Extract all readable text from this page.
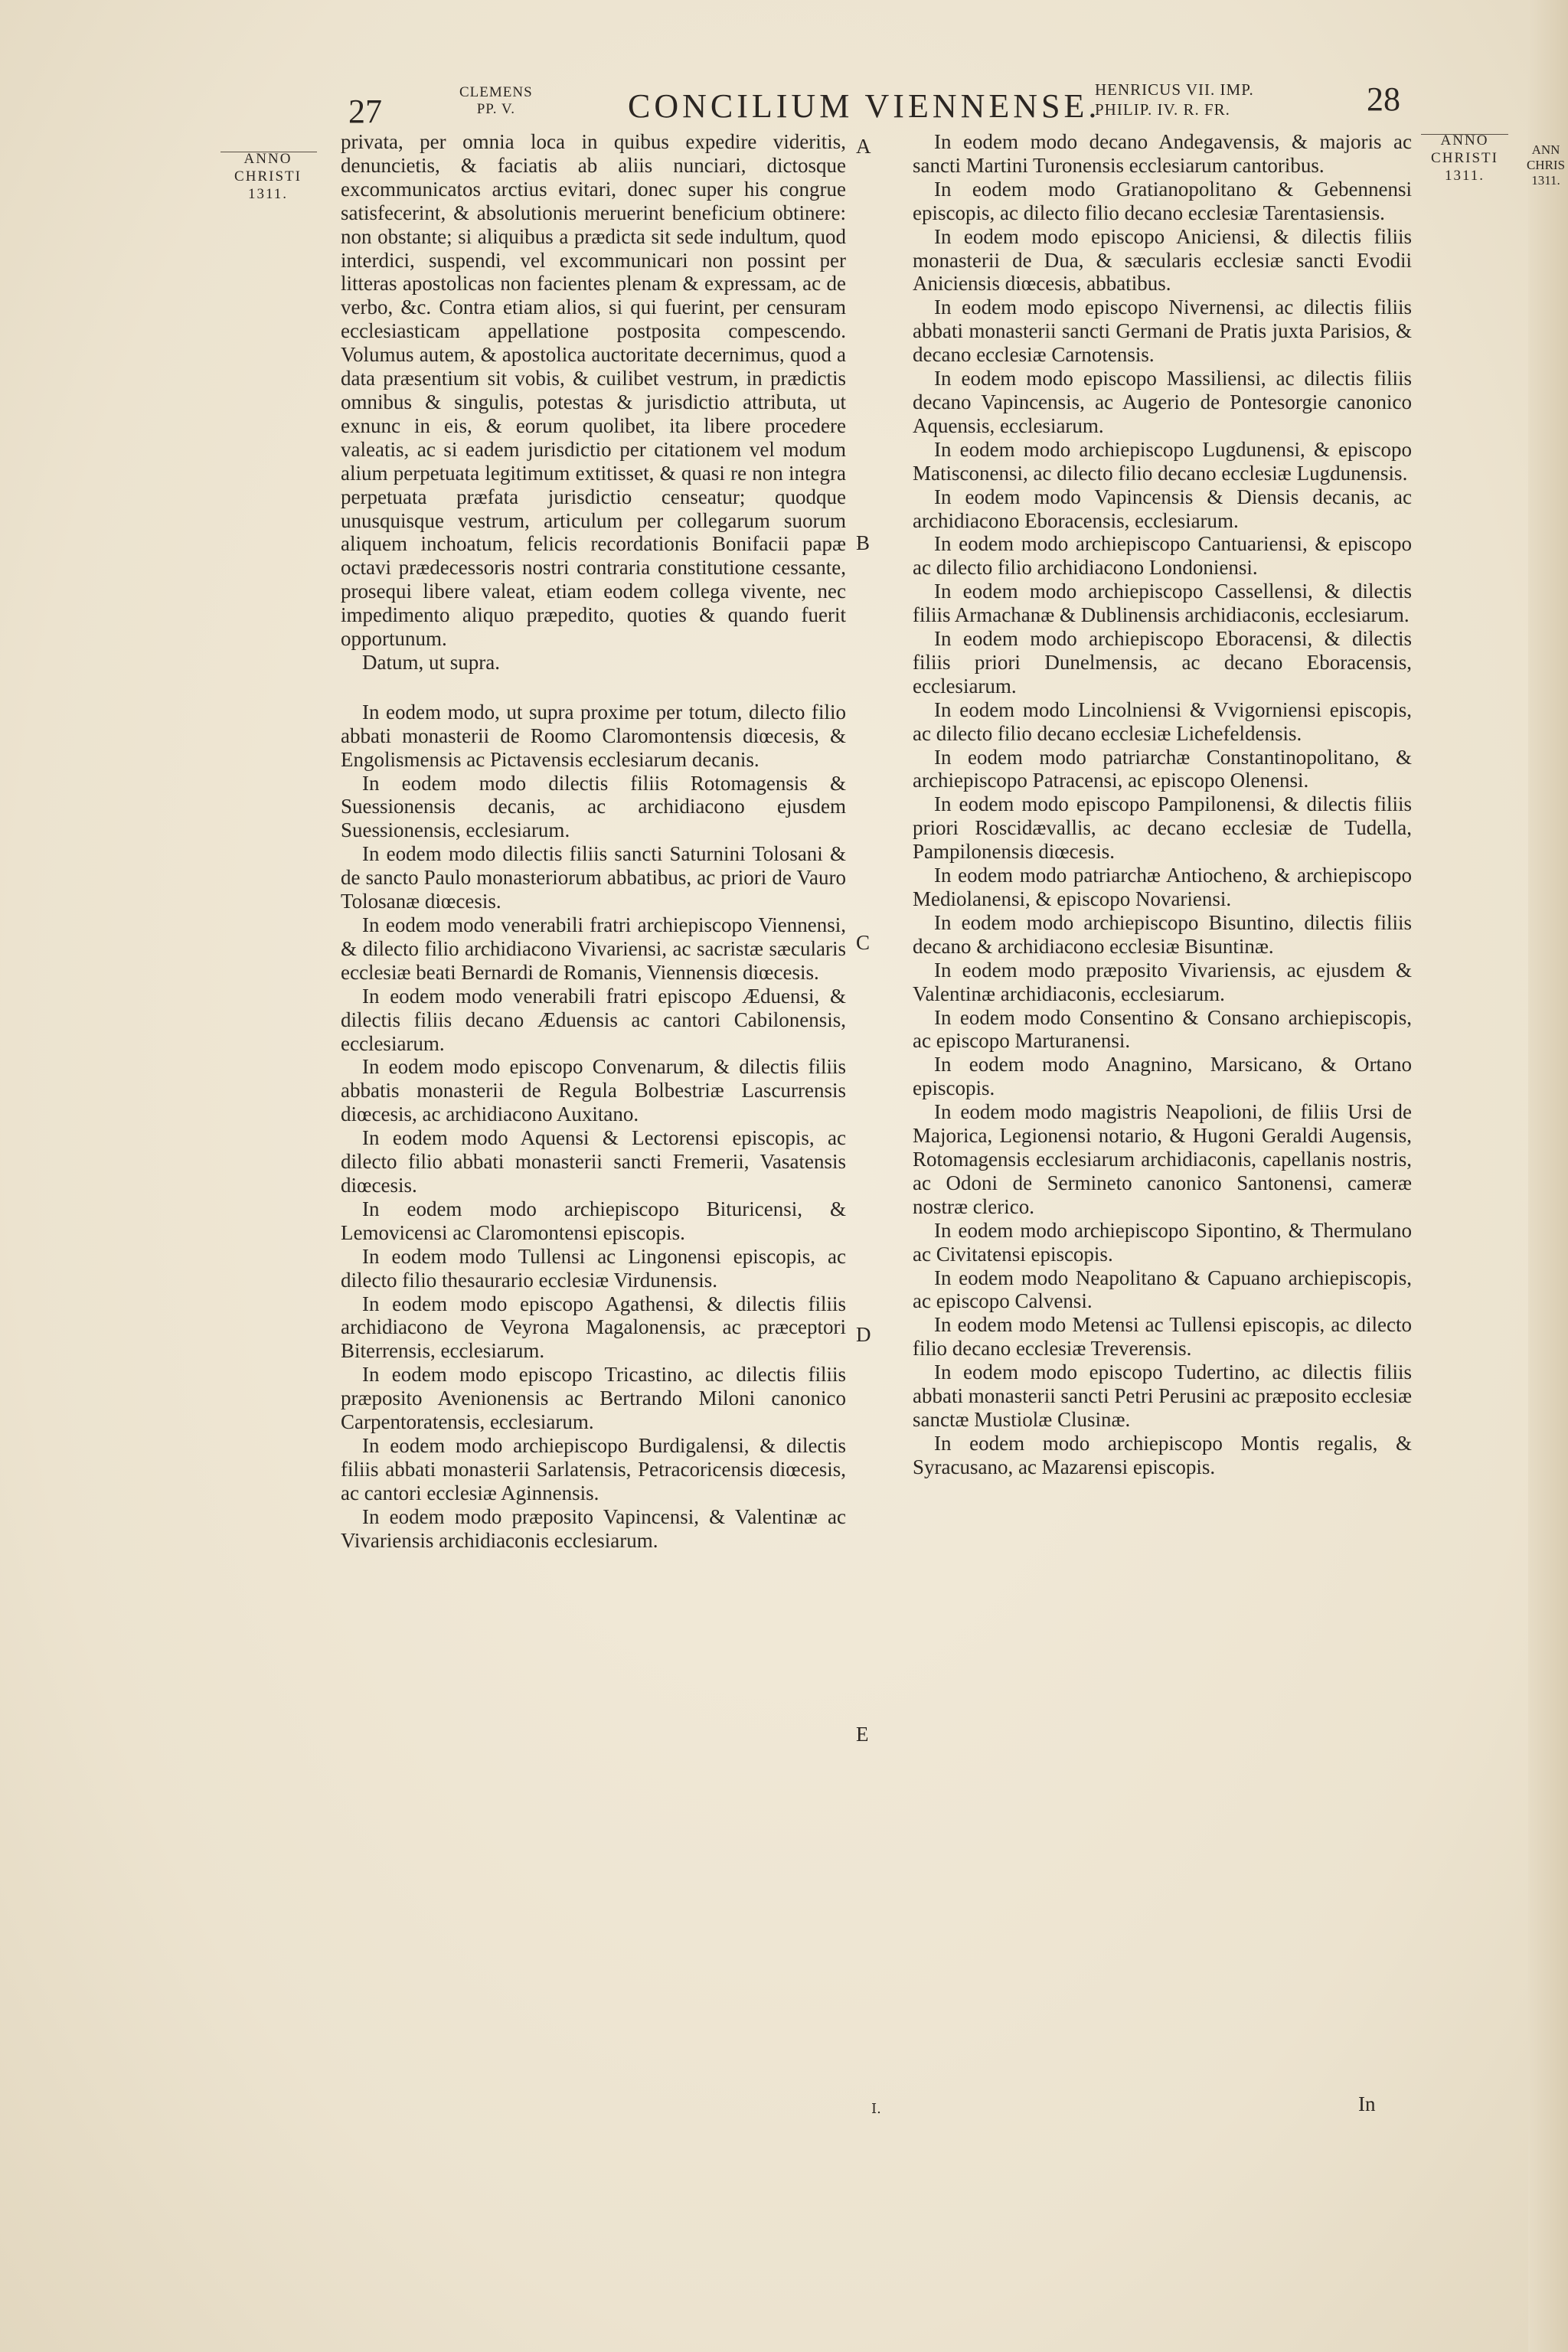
27
CLEMENS
PP. V.	CONCILIUM VIENNENSE.
HENRICUS VII. IMP.
PHILIP. IV. R. FR.	28
ANNO
CHRISTI
1311.
ANNO
CHRISTI
1311.
ANN
CHRIS
1311.
A
B
C
D
E

privata, per omnia loca in quibus expedire videritis, denuncietis, & faciatis ab aliis nunciari, dictosque excommunicatos arctius evitari, donec super his congrue satisfecerint, & absolutionis meruerint beneficium obtinere: non obstante; si aliquibus a prædicta sit sede indultum, quod interdici, suspendi, vel excommunicari non possint per litteras apostolicas non facientes plenam & expressam, ac de verbo, &c. Contra etiam alios, si qui fuerint, per censuram ecclesiasticam appellatione postposita compescendo. Volumus autem, & apostolica auctoritate decernimus, quod a data præsentium sit vobis, & cuilibet vestrum, in prædictis omnibus & singulis, potestas & jurisdictio attributa, ut exnunc in eis, & eorum quolibet, ita libere procedere valeatis, ac si eadem jurisdictio per citationem vel modum alium perpetuata legitimum extitisset, & quasi re non integra perpetuata præfata jurisdictio censeatur; quodque unusquisque vestrum, articulum per collegarum suorum aliquem inchoatum, felicis recordationis Bonifacii papæ octavi prædecessoris nostri contraria constitutione cessante, prosequi libere valeat, etiam eodem collega vivente, nec impedimento aliquo præpedito, quoties & quando fuerit opportunum.

Datum, ut supra.

In eodem modo, ut supra proxime per totum, dilecto filio abbati monasterii de Roomo Claromontensis diœcesis, & Engolismensis ac Pictavensis ecclesiarum decanis.

In eodem modo dilectis filiis Rotomagensis & Suessionensis decanis, ac archidiacono ejusdem Suessionensis, ecclesiarum.

In eodem modo dilectis filiis sancti Saturnini Tolosani & de sancto Paulo monasteriorum abbatibus, ac priori de Vauro Tolosanæ diœcesis.

In eodem modo venerabili fratri archiepiscopo Viennensi, & dilecto filio archidiacono Vivariensi, ac sacristæ sæcularis ecclesiæ beati Bernardi de Romanis, Viennensis diœcesis.

In eodem modo venerabili fratri episcopo Æduensi, & dilectis filiis decano Æduensis ac cantori Cabilonensis, ecclesiarum.

In eodem modo episcopo Convenarum, & dilectis filiis abbatis monasterii de Regula Bolbestriæ Lascurrensis diœcesis, ac archidiacono Auxitano.

In eodem modo Aquensi & Lectorensi episcopis, ac dilecto filio abbati monasterii sancti Fremerii, Vasatensis diœcesis.

In eodem modo archiepiscopo Bituricensi, & Lemovicensi ac Claromontensi episcopis.

In eodem modo Tullensi ac Lingonensi episcopis, ac dilecto filio thesaurario ecclesiæ Virdunensis.

In eodem modo episcopo Agathensi, & dilectis filiis archidiacono de Veyrona Magalonensis, ac præceptori Biterrensis, ecclesiarum.

In eodem modo episcopo Tricastino, ac dilectis filiis præposito Avenionensis ac Bertrando Miloni canonico Carpentoratensis, ecclesiarum.

In eodem modo archiepiscopo Burdigalensi, & dilectis filiis abbati monasterii Sarlatensis, Petracoricensis diœcesis, ac cantori ecclesiæ Aginnensis.

In eodem modo præposito Vapincensi, & Valentinæ ac Vivariensis archidiaconis ecclesiarum.

In eodem modo decano Andegavensis, & majoris ac sancti Martini Turonensis ecclesiarum cantoribus.

In eodem modo Gratianopolitano & Gebennensi episcopis, ac dilecto filio decano ecclesiæ Tarentasiensis.

In eodem modo episcopo Aniciensi, & dilectis filiis monasterii de Dua, & sæcularis ecclesiæ sancti Evodii Aniciensis diœcesis, abbatibus.

In eodem modo episcopo Nivernensi, ac dilectis filiis abbati monasterii sancti Germani de Pratis juxta Parisios, & decano ecclesiæ Carnotensis.

In eodem modo episcopo Massiliensi, ac dilectis filiis decano Vapincensis, ac Augerio de Pontesorgie canonico Aquensis, ecclesiarum.

In eodem modo archiepiscopo Lugdunensi, & episcopo Matisconensi, ac dilecto filio decano ecclesiæ Lugdunensis.

In eodem modo Vapincensis & Diensis decanis, ac archidiacono Eboracensis, ecclesiarum.

In eodem modo archiepiscopo Cantuariensi, & episcopo ac dilecto filio archidiacono Londoniensi.

In eodem modo archiepiscopo Cassellensi, & dilectis filiis Armachanæ & Dublinensis archidiaconis, ecclesiarum.

In eodem modo archiepiscopo Eboracensi, & dilectis filiis priori Dunelmensis, ac decano Eboracensis, ecclesiarum.

In eodem modo Lincolniensi & Vvigorniensi episcopis, ac dilecto filio decano ecclesiæ Lichefeldensis.

In eodem modo patriarchæ Constantinopolitano, & archiepiscopo Patracensi, ac episcopo Olenensi.

In eodem modo episcopo Pampilonensi, & dilectis filiis priori Roscidævallis, ac decano ecclesiæ de Tudella, Pampilonensis diœcesis.

In eodem modo patriarchæ Antiocheno, & archiepiscopo Mediolanensi, & episcopo Novariensi.

In eodem modo archiepiscopo Bisuntino, dilectis filiis decano & archidiacono ecclesiæ Bisuntinæ.

In eodem modo præposito Vivariensis, ac ejusdem & Valentinæ archidiaconis, ecclesiarum.

In eodem modo Consentino & Consano archiepiscopis, ac episcopo Marturanensi.

In eodem modo Anagnino, Marsicano, & Ortano episcopis.

In eodem modo magistris Neapolioni, de filiis Ursi de Majorica, Legionensi notario, & Hugoni Geraldi Augensis, Rotomagensis ecclesiarum archidiaconis, capellanis nostris, ac Odoni de Sermineto canonico Santonensi, cameræ nostræ clerico.

In eodem modo archiepiscopo Sipontino, & Thermulano ac Civitatensi episcopis.

In eodem modo Neapolitano & Capuano archiepiscopis, ac episcopo Calvensi.

In eodem modo Metensi ac Tullensi episcopis, ac dilecto filio decano ecclesiæ Treverensis.

In eodem modo episcopo Tudertino, ac dilectis filiis abbati monasterii sancti Petri Perusini ac præposito ecclesiæ sanctæ Mustiolæ Clusinæ.

In eodem modo archiepiscopo Montis regalis, & Syracusano, ac Mazarensi episcopis.

I.	In
